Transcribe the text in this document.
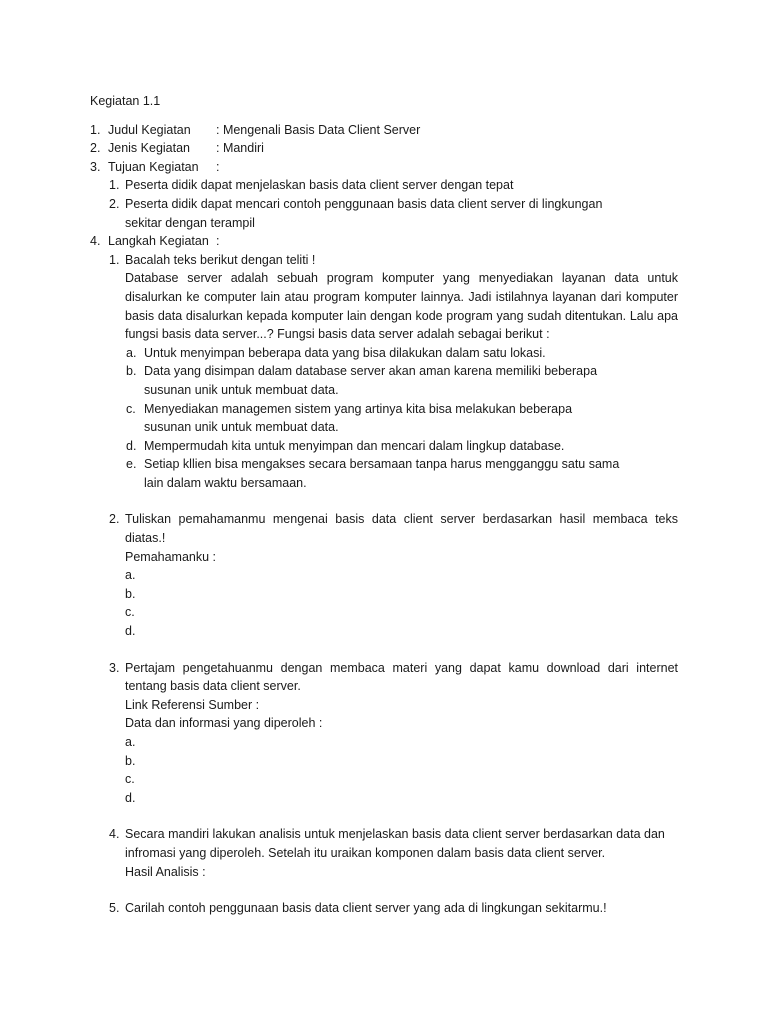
Kegiatan 1.1
1. Judul Kegiatan	: Mengenali Basis Data Client Server
2. Jenis Kegiatan	: Mandiri
3. Tujuan Kegiatan	:
1. Peserta didik dapat menjelaskan basis data client server dengan tepat
2. Peserta didik dapat mencari contoh penggunaan basis data client server di lingkungan sekitar dengan terampil
4. Langkah Kegiatan :
1. Bacalah teks berikut dengan teliti !
Database server adalah sebuah program komputer yang menyediakan layanan data untuk disalurkan ke computer lain atau program komputer lainnya. Jadi istilahnya layanan dari komputer basis data disalurkan kepada komputer lain dengan kode program yang sudah ditentukan. Lalu apa fungsi basis data server...? Fungsi basis data server adalah sebagai berikut :
a. Untuk menyimpan beberapa data yang bisa dilakukan dalam satu lokasi.
b. Data yang disimpan dalam database server akan aman karena memiliki beberapa susunan unik untuk membuat data.
c. Menyediakan managemen sistem yang artinya kita bisa melakukan beberapa susunan unik untuk membuat data.
d. Mempermudah kita untuk menyimpan dan mencari dalam lingkup database.
e. Setiap kllien bisa mengakses secara bersamaan tanpa harus mengganggu satu sama lain dalam waktu bersamaan.
2. Tuliskan pemahamanmu mengenai basis data client server berdasarkan hasil membaca teks diatas.!
Pemahamanku :
a.
b.
c.
d.
3. Pertajam pengetahuanmu dengan membaca materi yang dapat kamu download dari internet tentang basis data client server.
Link Referensi Sumber :
Data dan informasi yang diperoleh :
a.
b.
c.
d.
4. Secara mandiri lakukan analisis untuk menjelaskan basis data client server berdasarkan data dan infromasi yang diperoleh. Setelah itu uraikan komponen dalam basis data client server.
Hasil Analisis :
5. Carilah contoh penggunaan basis data client server yang ada di lingkungan sekitarmu.!
